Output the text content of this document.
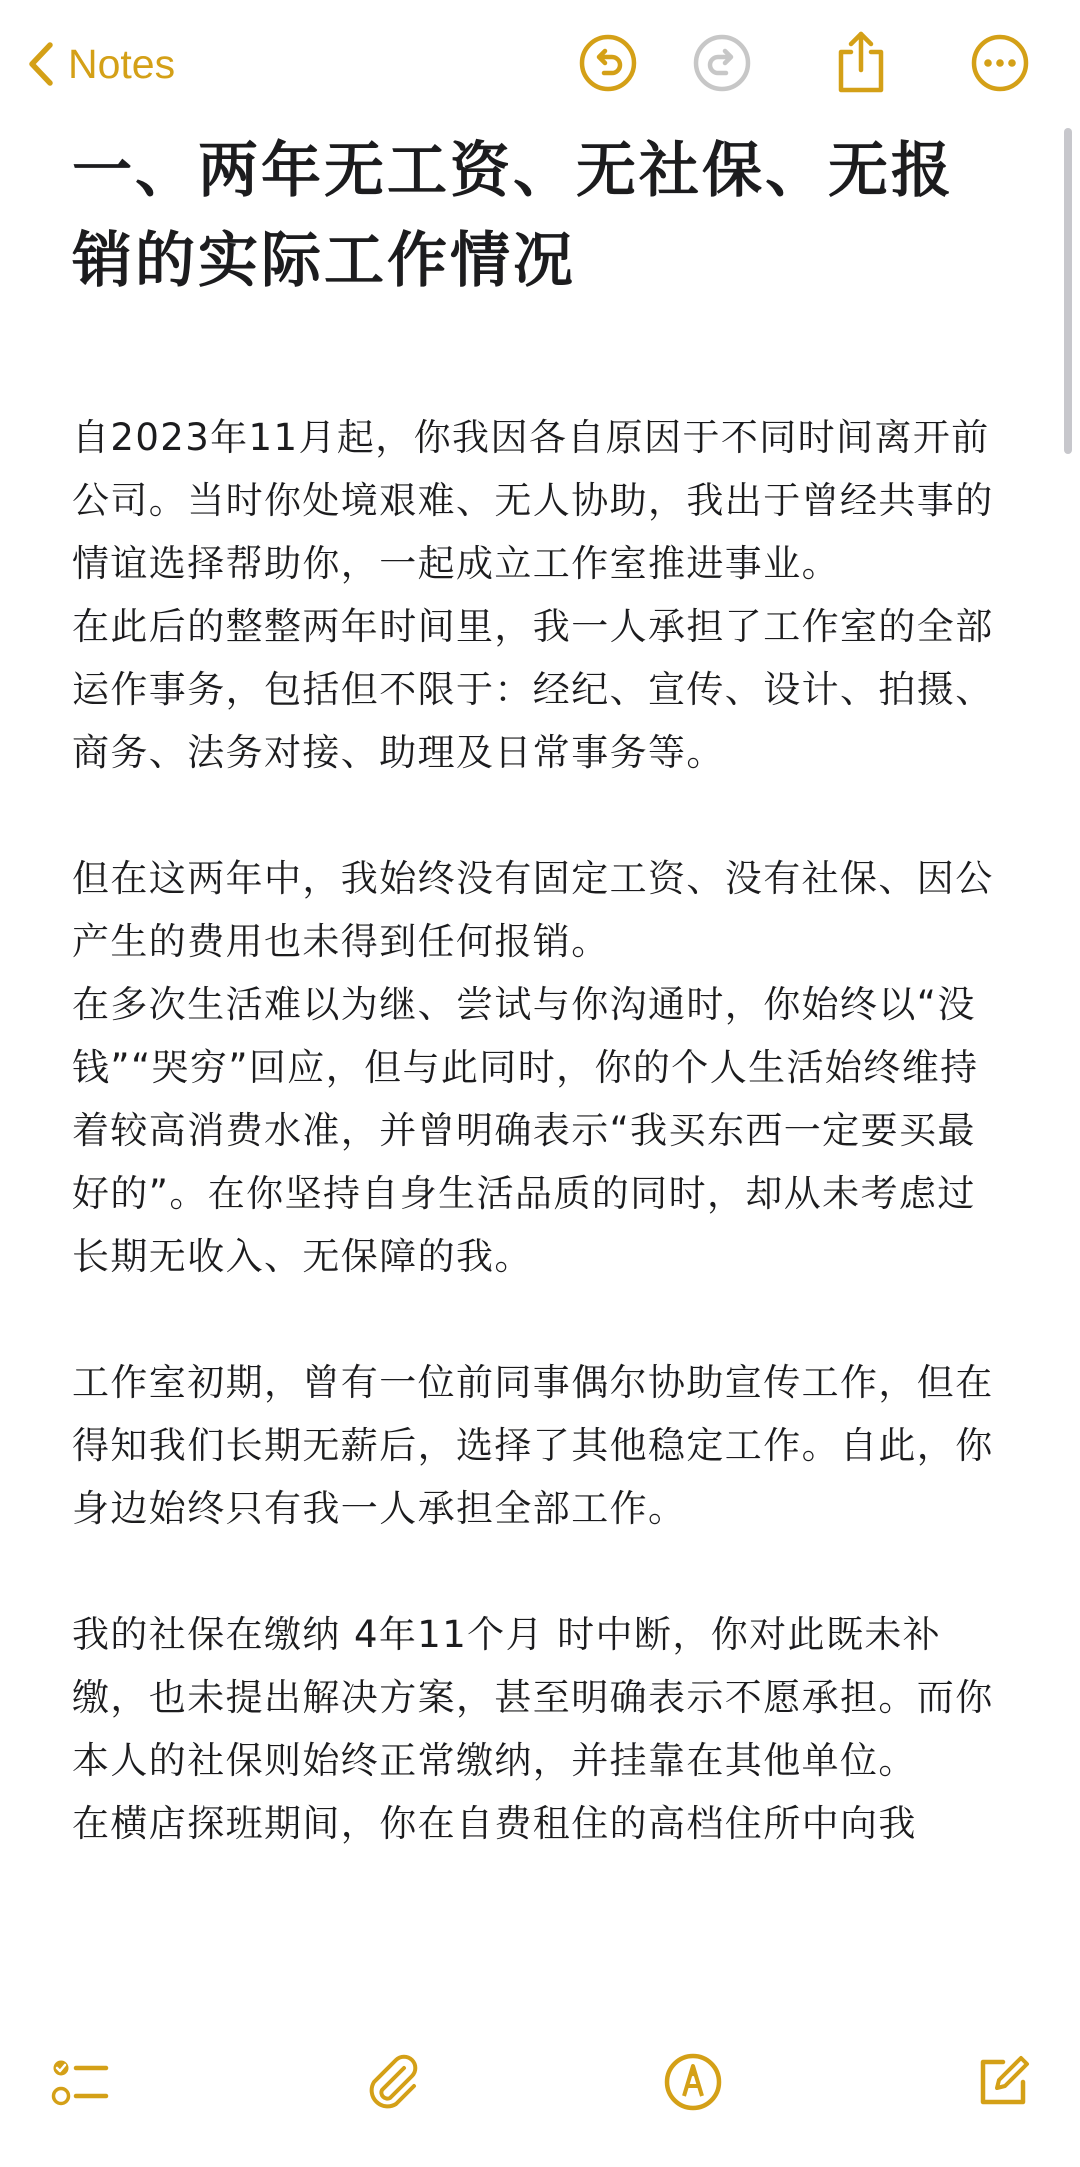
Notes
一、两年无工资、无社保、无报销的实际工作情况
自2023年11月起，你我因各自原因于不同时间离开前公司。当时你处境艰难、无人协助，我出于曾经共事的情谊选择帮助你，一起成立工作室推进事业。
在此后的整整两年时间里，我一人承担了工作室的全部运作事务，包括但不限于：经纪、宣传、设计、拍摄、商务、法务对接、助理及日常事务等。
但在这两年中，我始终没有固定工资、没有社保、因公产生的费用也未得到任何报销。
在多次生活难以为继、尝试与你沟通时，你始终以“没钱”“哭穷”回应，但与此同时，你的个人生活始终维持着较高消费水准，并曾明确表示“我买东西一定要买最好的”。在你坚持自身生活品质的同时，却从未考虑过长期无收入、无保障的我。
工作室初期，曾有一位前同事偶尔协助宣传工作，但在得知我们长期无薪后，选择了其他稳定工作。自此，你身边始终只有我一人承担全部工作。
我的社保在缴纳 4年11个月 时中断，你对此既未补缴，也未提出解决方案，甚至明确表示不愿承担。而你本人的社保则始终正常缴纳，并挂靠在其他单位。
在横店探班期间，你在自费租住的高档住所中向我
